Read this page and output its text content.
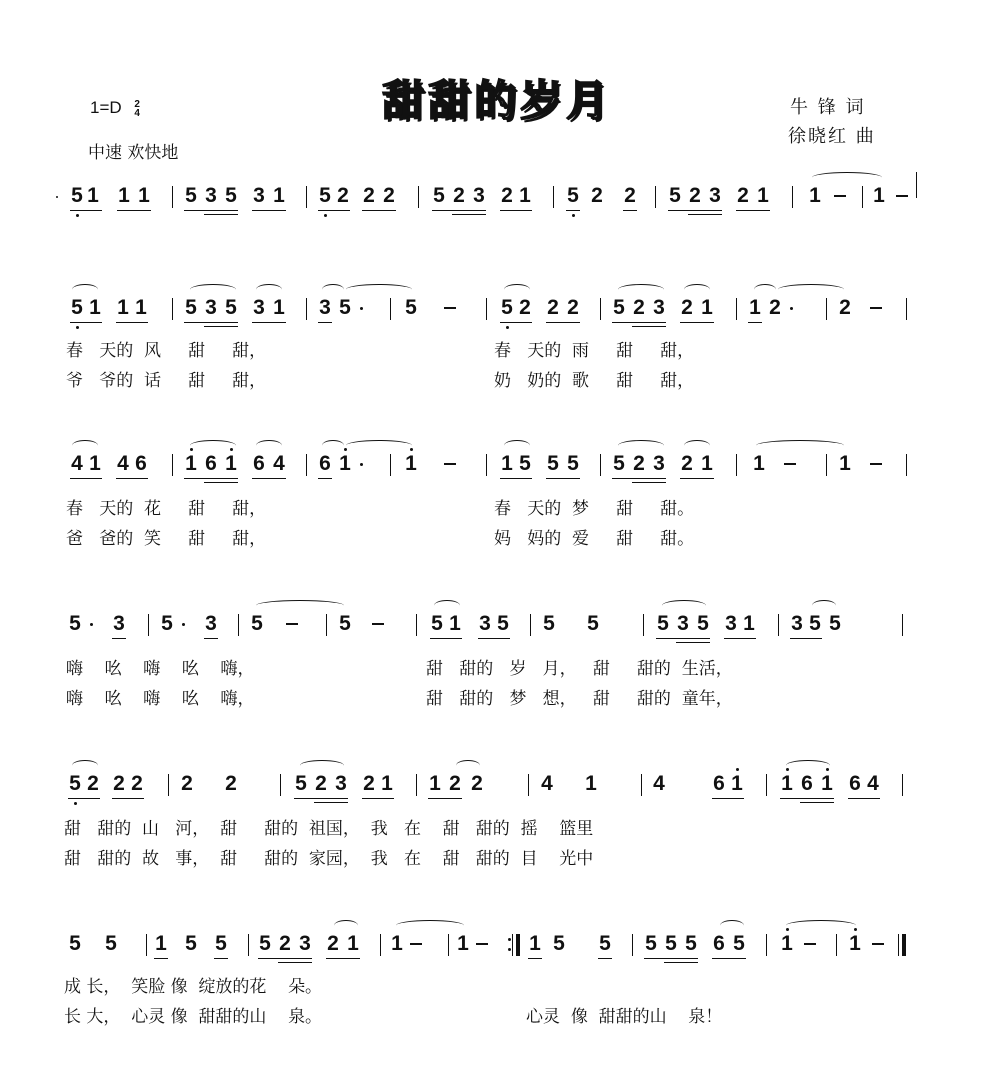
甜甜的岁月
1=D 2
4
中速 欢快地
牛 锋 词
徐晓红 曲
5 1 1 1 5 3 5 3 1 5 2 2 2 5 2 3 2 1 5 2 2 5 2 3 2 1 1 1
5 1 1 1 5 3 5 3 1 3 5	5	5 2 2 2 5 2 3 2 1 1 2	2
春 天的 风 甜 甜，	春 天的 雨 甜 甜，
爷 爷的 话 甜 甜，	奶 奶的 歌 甜 甜，
4 1 4 6 1 6 1 6 4 6 1	1	1 5 5 5 5 2 3 2 1 1	1
春 天的 花 甜 甜，	春 天的 梦 甜 甜。
爸 爸的 笑 甜 甜，	妈 妈的 爱 甜 甜。
5 3 5 3 5	5	5 1 3 5 5 5	5 3 5 3 1 3 5 5
嗨 吆 嗨 吆 嗨，	甜 甜的 岁 月， 甜 甜的 生活，
嗨 吆 嗨 吆 嗨，	甜 甜的 梦 想， 甜 甜的 童年，
5 2 2 2 2 2	5 2 3 2 1 1 2 2	4 1	4 6 1 1 6 1 6 4
甜 甜的 山 河， 甜 甜的 祖国， 我 在 甜 甜的 摇 篮里
甜 甜的 故 事， 甜 甜的 家园， 我 在 甜 甜的 目 光中
5 5 1 5 5 5 2 3 2 1 1	1	1 5 5 5 5 5 6 5 1	1
成 长， 笑脸 像 绽放的花 朵。
长 大， 心灵 像 甜甜的山 泉。	心灵 像 甜甜的山 泉！
